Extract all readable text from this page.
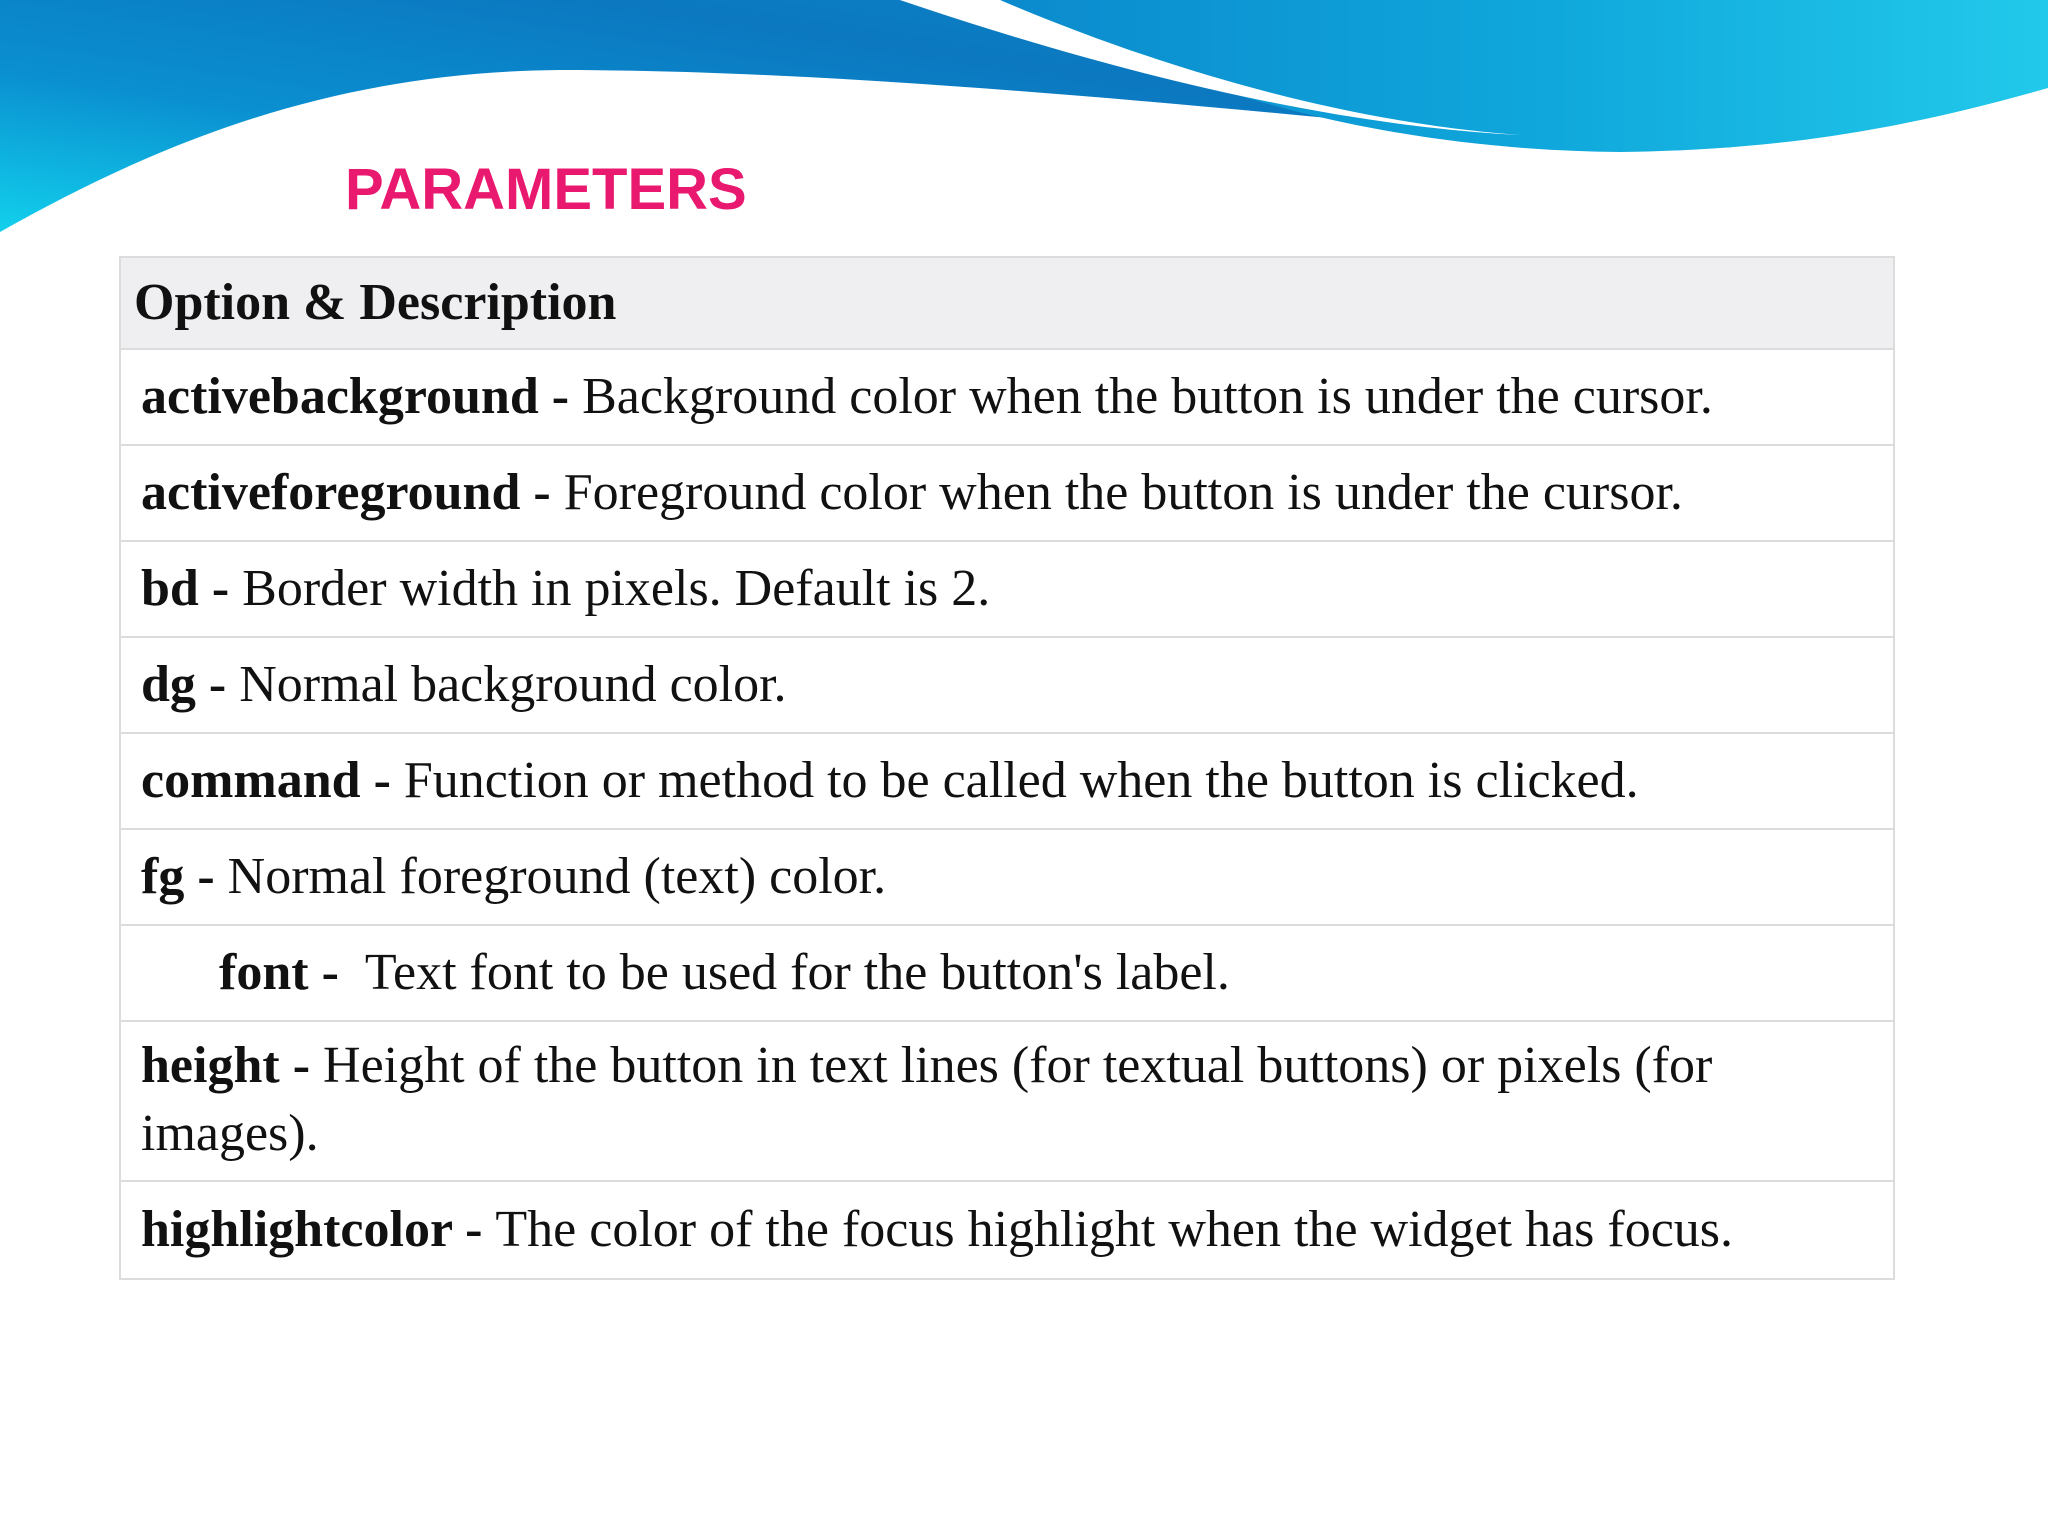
PARAMETERS
Option & Description
activebackground - Background color when the button is under the cursor.
activeforeground - Foreground color when the button is under the cursor.
bd - Border width in pixels. Default is 2.
dg - Normal background color.
command - Function or method to be called when the button is clicked.
fg - Normal foreground (text) color.

font -  Text font to be used for the button's label.

height - Height of the button in text lines (for textual buttons) or pixels (for images).
highlightcolor - The color of the focus highlight when the widget has focus.
